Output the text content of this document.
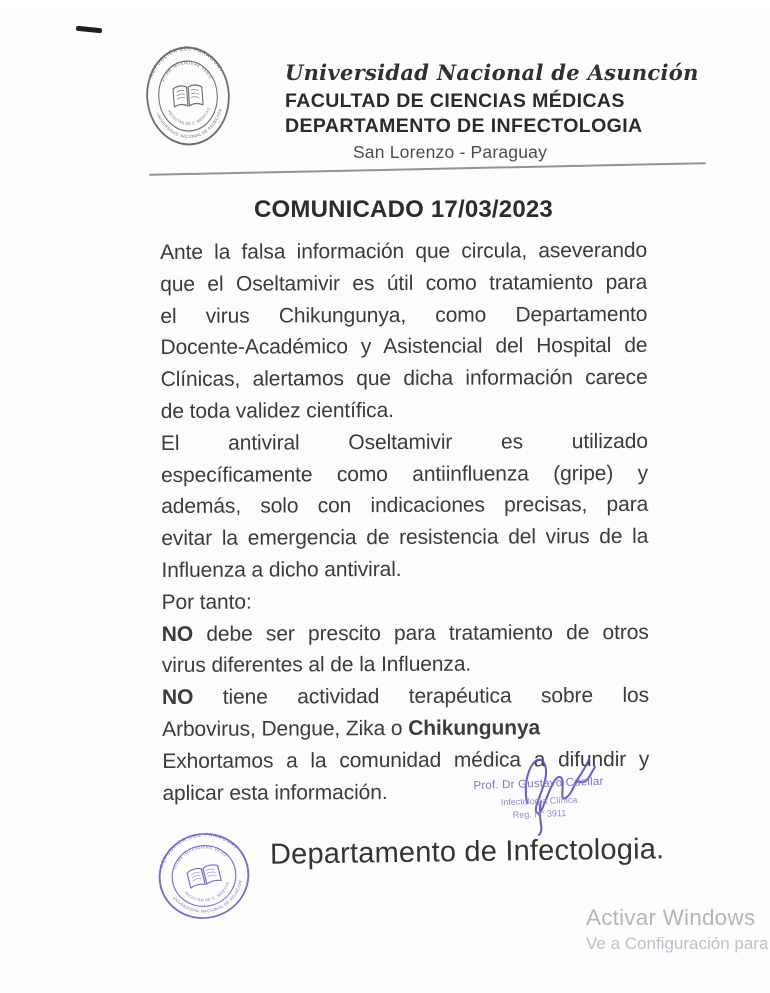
Universidad Nacional de Asunción
FACULTAD DE CIENCIAS MÉDICAS
DEPARTAMENTO DE INFECTOLOGIA
San Lorenzo - Paraguay
COMUNICADO 17/03/2023
Ante la falsa información que circula, aseverando
que el Oseltamivir es útil como tratamiento para
el virus Chikungunya, como Departamento
Docente-Académico y Asistencial del Hospital de
Clínicas, alertamos que dicha información carece
de toda validez científica.
El antiviral Oseltamivir es utilizado
específicamente como antiinfluenza (gripe) y
además, solo con indicaciones precisas, para
evitar la emergencia de resistencia del virus de la
Influenza a dicho antiviral.
Por tanto:
NO debe ser prescito para tratamiento de otros
virus diferentes al de la Influenza.
NO tiene actividad terapéutica sobre los
Arbovirus, Dengue, Zika o Chikungunya
Exhortamos a la comunidad médica a difundir y
aplicar esta información.	Prof. Dr Gustavo Cuellar
Infectología Clínica
Reg. N° 3911
Departamento de Infectologia.
Activar Windows
Ve a Configuración para
